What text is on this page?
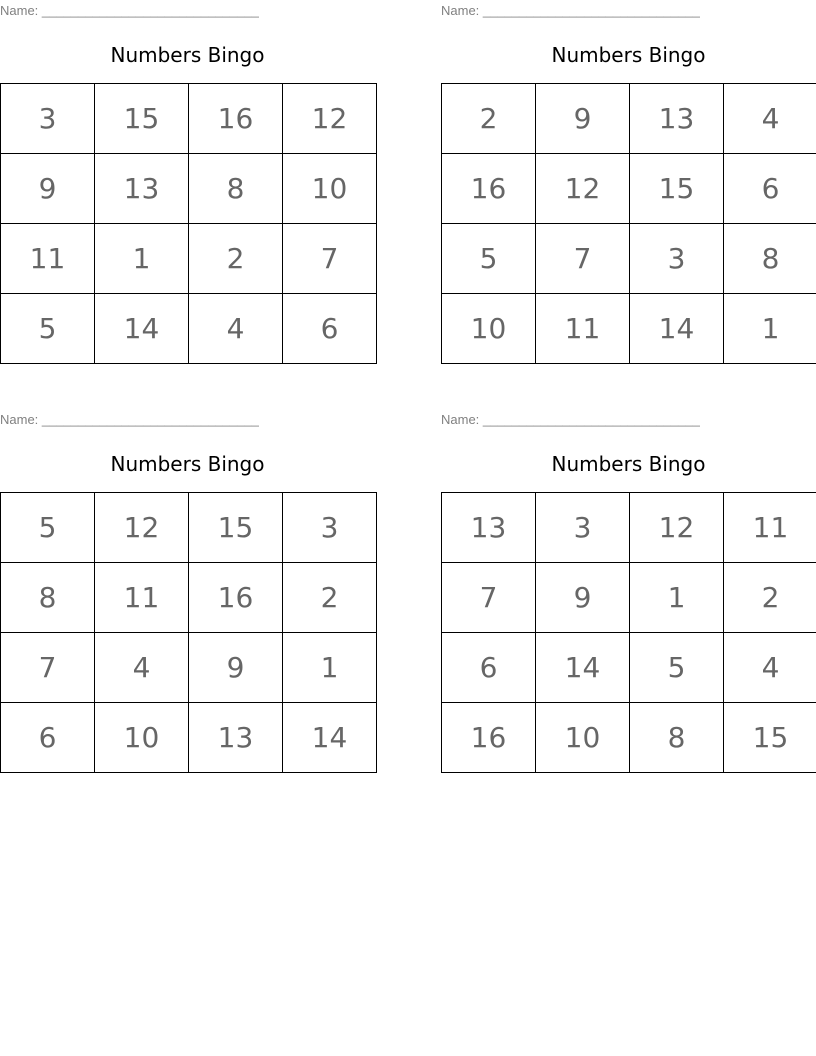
Name: ______________________________
Numbers Bingo
3	15	16	12
9	13	8	10
11	1	2	7
5	14	4	6
Name: ______________________________
Numbers Bingo
2	9	13	4
16	12	15	6
5	7	3	8
10	11	14	1
Name: ______________________________
Numbers Bingo
5	12	15	3
8	11	16	2
7	4	9	1
6	10	13	14
Name: ______________________________
Numbers Bingo
13	3	12	11
7	9	1	2
6	14	5	4
16	10	8	15
